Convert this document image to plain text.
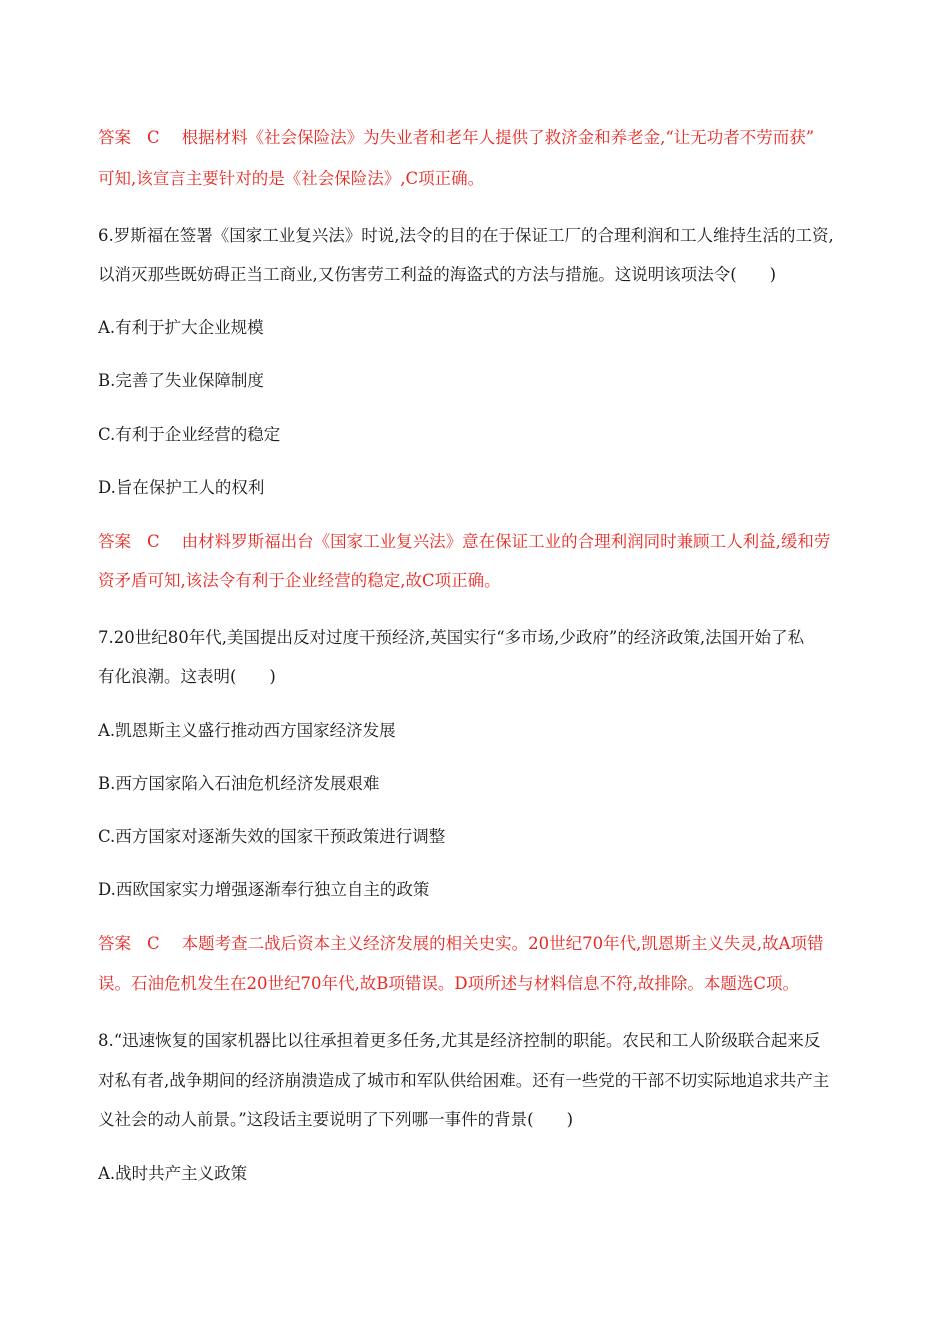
答案 C 根据材料《社会保险法》为失业者和老年人提供了救济金和养老金,“让无功者不劳而获”
可知,该宣言主要针对的是《社会保险法》,C项正确。
6.罗斯福在签署《国家工业复兴法》时说,法令的目的在于保证工厂的合理利润和工人维持生活的工资,
以消灭那些既妨碍正当工商业,又伤害劳工利益的海盗式的方法与措施。这说明该项法令(　　)
A.有利于扩大企业规模
B.完善了失业保障制度
C.有利于企业经营的稳定
D.旨在保护工人的权利
答案 C 由材料罗斯福出台《国家工业复兴法》意在保证工业的合理利润同时兼顾工人利益,缓和劳
资矛盾可知,该法令有利于企业经营的稳定,故C项正确。
7.20世纪80年代,美国提出反对过度干预经济,英国实行“多市场,少政府”的经济政策,法国开始了私
有化浪潮。这表明(　　)
A.凯恩斯主义盛行推动西方国家经济发展
B.西方国家陷入石油危机经济发展艰难
C.西方国家对逐渐失效的国家干预政策进行调整
D.西欧国家实力增强逐渐奉行独立自主的政策
答案 C 本题考查二战后资本主义经济发展的相关史实。20世纪70年代,凯恩斯主义失灵,故A项错
误。石油危机发生在20世纪70年代,故B项错误。D项所述与材料信息不符,故排除。本题选C项。
8.“迅速恢复的国家机器比以往承担着更多任务,尤其是经济控制的职能。农民和工人阶级联合起来反
对私有者,战争期间的经济崩溃造成了城市和军队供给困难。还有一些党的干部不切实际地追求共产主
义社会的动人前景。”这段话主要说明了下列哪一事件的背景(　　)
A.战时共产主义政策
